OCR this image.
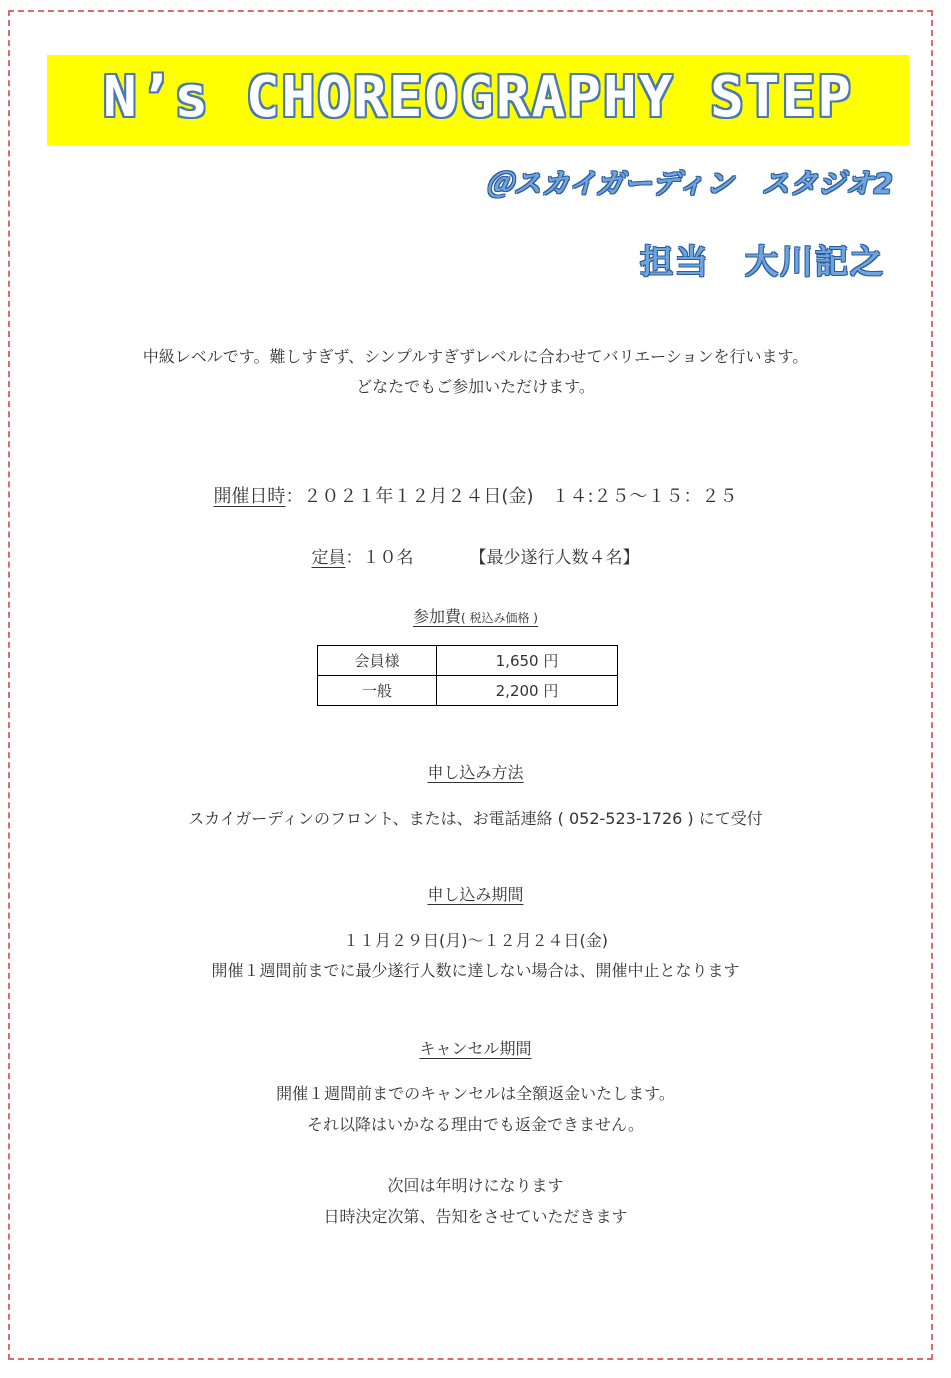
N’s CHOREOGRAPHY STEP
＠スカイガーディン　スタジオ2
担当　大川記之
中級レベルです。難しすぎず、シンプルすぎずレベルに合わせてバリエーションを行います。
どなたでもご参加いただけます。
開催日時：２０２１年１２月２４日(金)　１４:２５～１５：２５
定員：１０名	【最少遂行人数４名】
参加費( 税込み価格 )
会員様	1,650 円
一般	2,200 円
申し込み方法
スカイガーディンのフロント、または、お電話連絡 ( 052-523-1726 ) にて受付
申し込み期間
１１月２９日(月)～１２月２４日(金)
開催１週間前までに最少遂行人数に達しない場合は、開催中止となります
キャンセル期間
開催１週間前までのキャンセルは全額返金いたします。
それ以降はいかなる理由でも返金できません。
次回は年明けになります
日時決定次第、告知をさせていただきます
